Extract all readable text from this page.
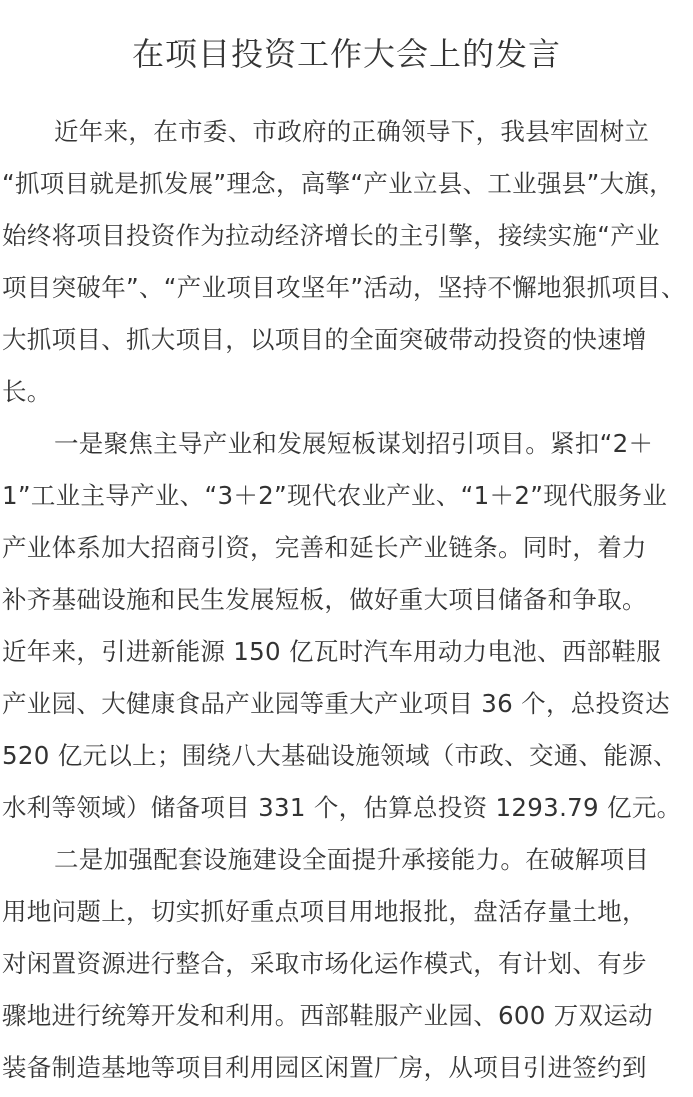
在项目投资工作大会上的发言
近年来，在市委、市政府的正确领导下，我县牢固树立
“抓项目就是抓发展”理念，高擎“产业立县、工业强县”大旗，
始终将项目投资作为拉动经济增长的主引擎，接续实施“产业
项目突破年”、“产业项目攻坚年”活动，坚持不懈地狠抓项目、
大抓项目、抓大项目，以项目的全面突破带动投资的快速增
长。
一是聚焦主导产业和发展短板谋划招引项目。紧扣“2＋
1”工业主导产业、“3＋2”现代农业产业、“1＋2”现代服务业
产业体系加大招商引资，完善和延长产业链条。同时，着力
补齐基础设施和民生发展短板，做好重大项目储备和争取。
近年来，引进新能源 150 亿瓦时汽车用动力电池、西部鞋服
产业园、大健康食品产业园等重大产业项目 36 个，总投资达
520 亿元以上；围绕八大基础设施领域（市政、交通、能源、
水利等领域）储备项目 331 个，估算总投资 1293.79 亿元。
二是加强配套设施建设全面提升承接能力。在破解项目
用地问题上，切实抓好重点项目用地报批，盘活存量土地，
对闲置资源进行整合，采取市场化运作模式，有计划、有步
骤地进行统筹开发和利用。西部鞋服产业园、600 万双运动
装备制造基地等项目利用园区闲置厂房，从项目引进签约到
